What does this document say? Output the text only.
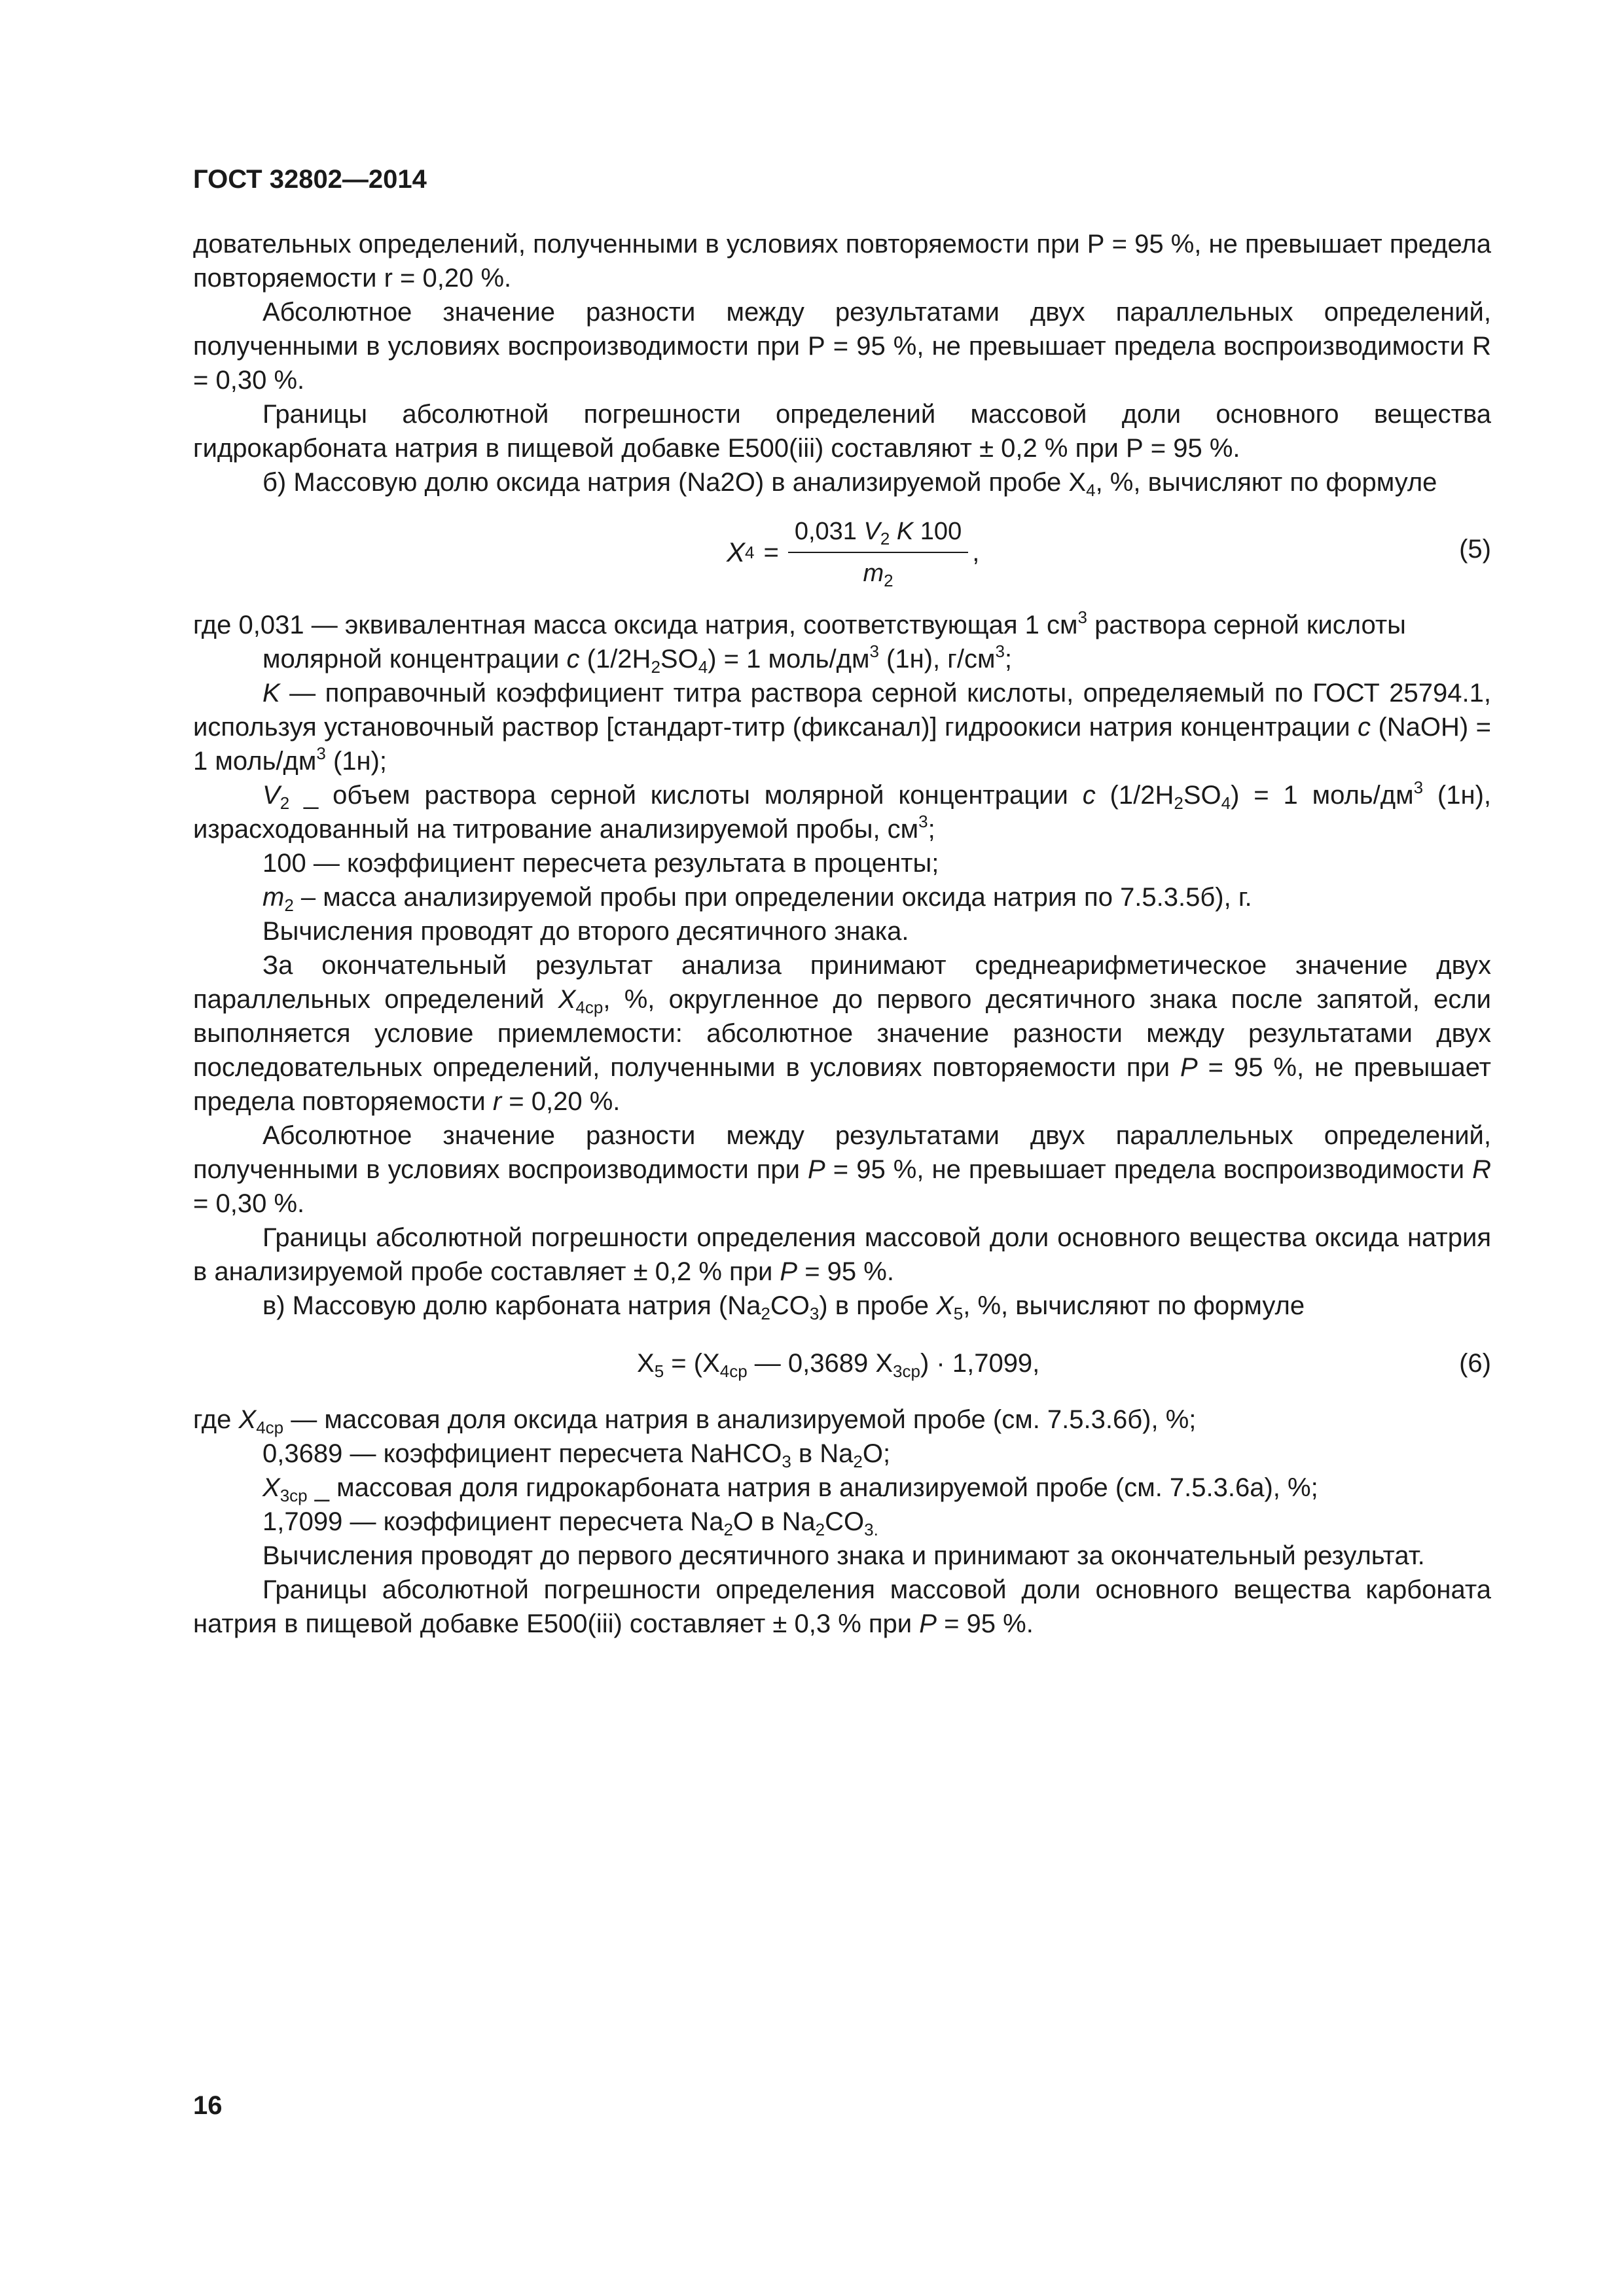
ГОСТ 32802—2014

довательных определений, полученными в условиях повторяемости при Р = 95 %, не превышает предела повторяемости r = 0,20 %.

Абсолютное значение разности между результатами двух параллельных определений, полученными в условиях воспроизводимости при Р = 95 %, не превышает предела воспроизводимости R = 0,30 %.

Границы абсолютной погрешности определений массовой доли основного вещества гидрокарбоната натрия в пищевой добавке Е500(iii) составляют ± 0,2 % при Р = 95 %.

б) Массовую долю оксида натрия (Na2O) в анализируемой пробе $Х_4$, %, вычисляют по формуле

X $4 = \frac{0,031 V_2 K 100}{m_2}$ ,	(5)

где 0,031 — эквивалентная масса оксида натрия, соответствующая 1 $см^3$ раствора серной кислоты

молярной концентрации c $(1/2H_2SO_4) = 1$ моль/$дм^3$ (1н), $г/см^3$;

K — поправочный коэффициент титра раствора серной кислоты, определяемый по ГОСТ 25794.1, используя установочный раствор [стандарт-титр (фиксанал)] гидроокиси натрия концентрации с (NaOH) = 1 моль/$дм^3$ (1н);

$V_2$ _ объем раствора серной кислоты молярной концентрации с $(1/2H_2SO_4) = 1$ моль/$дм^3$ (1н), израсходованный на титрование анализируемой пробы, $см^3$;

100 — коэффициент пересчета результата в проценты;

$m_2$ – масса анализируемой пробы при определении оксида натрия по 7.5.3.5б), г.

Вычисления проводят до второго десятичного знака.

За окончательный результат анализа принимают среднеарифметическое значение двух параллельных определений $Х_{4ср}$, %, округленное до первого десятичного знака после запятой, если выполняется условие приемлемости: абсолютное значение разности между результатами двух последовательных определений, полученными в условиях повторяемости при Р = 95 %, не превышает предела повторяемости r = 0,20 %.

Абсолютное значение разности между результатами двух параллельных определений, полученными в условиях воспроизводимости при Р = 95 %, не превышает предела воспроизводимости R = 0,30 %.

Границы абсолютной погрешности определения массовой доли основного вещества оксида натрия в анализируемой пробе составляет ± 0,2 % при Р = 95 %.

в) Массовую долю карбоната натрия $(Na_2CO_3)$ в пробе $X_5$, %, вычисляют по формуле

$X_5 = (X_{4ср}$ — 0,3689 $X_{3ср}) \cdot 1,7099$,	(6)

где $X_{4ср}$ — массовая доля оксида натрия в анализируемой пробе (см. 7.5.3.6б), %;

0,3689 — коэффициент пересчета NaHCO$_3$ в $Na_2O$;

$X_{3ср}$ _ массовая доля гидрокарбоната натрия в анализируемой пробе (см. 7.5.3.6а), %;

1,7099 — коэффициент пересчета $Na_2O$ в $Na_2CO_{3.}$

Вычисления проводят до первого десятичного знака и принимают за окончательный результат.

Границы абсолютной погрешности определения массовой доли основного вещества карбоната натрия в пищевой добавке Е500(iii) составляет ± 0,3 % при Р = 95 %.

16
